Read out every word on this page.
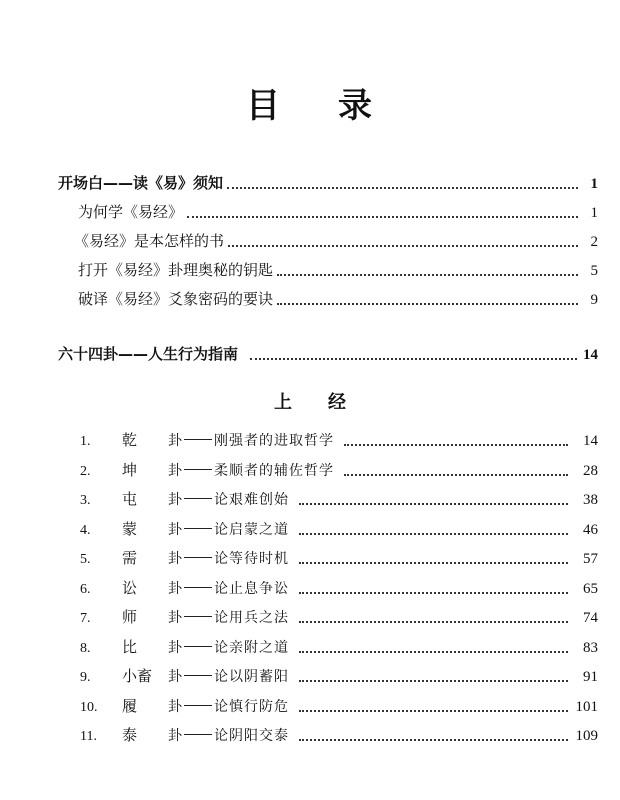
目 录
开场白——读《易》须知	1
为何学《易经》	1
《易经》是本怎样的书	2
打开《易经》卦理奥秘的钥匙	5
破译《易经》爻象密码的要诀	9
六十四卦——人生行为指南	14
上 经
1.	乾	卦 刚强者的进取哲学	14
2.	坤	卦 柔顺者的辅佐哲学	28
3.	屯	卦 论艰难创始	38
4.	蒙	卦 论启蒙之道	46
5.	需	卦 论等待时机	57
6.	讼	卦 论止息争讼	65
7.	师	卦 论用兵之法	74
8.	比	卦 论亲附之道	83
9.	小畜	卦 论以阴蓄阳	91
10.	履	卦 论慎行防危	101
11.	泰	卦 论阴阳交泰	109
